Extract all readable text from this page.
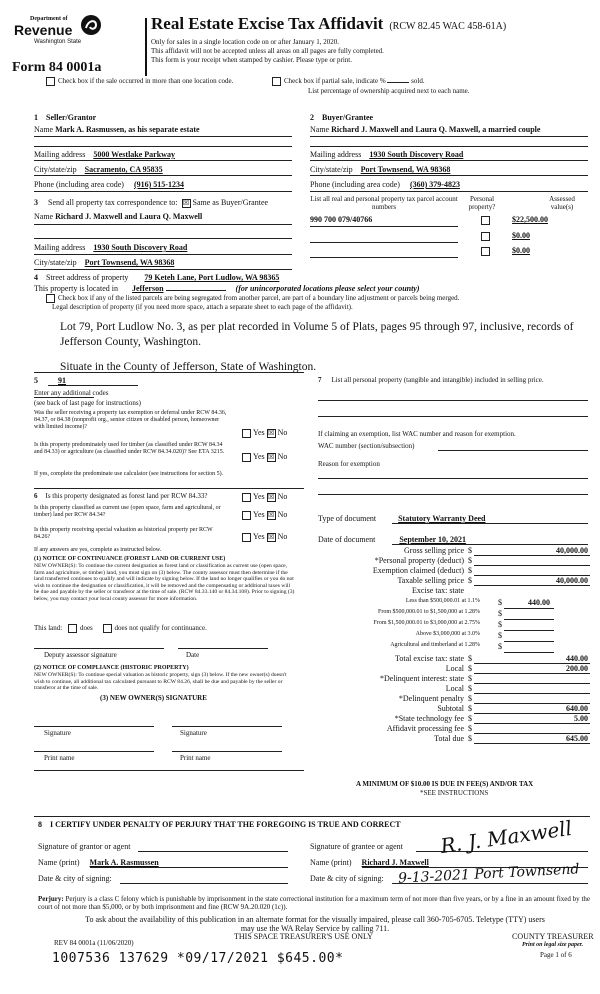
Department of
Revenue
Washington State
Form 84 0001a
Real Estate Excise Tax Affidavit (RCW 82.45 WAC 458-61A)
Only for sales in a single location code on or after January 1, 2020.
This affidavit will not be accepted unless all areas on all pages are fully completed.
This form is your receipt when stamped by cashier. Please type or print.
Check box if the sale occurred in more than one location code.	Check box if partial sale, indicate %	sold.
List percentage of ownership acquired next to each name.
1 Seller/Grantor
Name Mark A. Rasmussen, as his separate estate
2 Buyer/Grantee
Name Richard J. Maxwell and Laura Q. Maxwell, a married couple
Mailing address 5000 Westlake Parkway
City/state/zip Sacramento, CA 95835
Phone (including area code) (916) 515-1234
Mailing address 1930 South Discovery Road
City/state/zip Port Townsend, WA 98368
Phone (including area code) (360) 379-4823
3 Send all property tax correspondence to: ☒ Same as Buyer/Grantee
Name Richard J. Maxwell and Laura Q. Maxwell
Mailing address 1930 South Discovery Road
City/state/zip Port Townsend, WA 98368
List all real and personal property tax parcel account numbers
Personal property?
Assessed value(s)
990 700 079/40766	$22,500.00
$0.00
$0.00
4 Street address of property 79 Keteh Lane, Port Ludlow, WA 98365
This property is located in Jefferson	(for unincorporated locations please select your county)
Check box if any of the listed parcels are being segregated from another parcel, are part of a boundary line adjustment or parcels being merged.
Legal description of property (if you need more space, attach a separate sheet to each page of the affidavit).
Lot 79, Port Ludlow No. 3, as per plat recorded in Volume 5 of Plats, pages 95 through 97, inclusive, records of Jefferson County, Washington.
Situate in the County of Jefferson, State of Washington.
5	91
Enter any additional codes
(see back of last page for instructions)
Was the seller receiving a property tax exemption or deferral under RCW 84.36, 84.37, or 84.38 (nonprofit org., senior citizen or disabled person, homeowner with limited income)?
Yes ☒ No
Is this property predominately used for timber (as classified under RCW 84.34 and 84.33) or agriculture (as classified under RCW 84.34.020)? See ETA 3215.	Yes ☒ No
If yes, complete the predominate use calculator (see instructions for section 5).
6 Is this property designated as forest land per RCW 84.33?	Yes ☒ No
Is this property classified as current use (open space, farm and agricultural, or timber) land per RCW 84.34?	Yes ☒ No
Is this property receiving special valuation as historical property per RCW 84.26?	Yes ☒ No
If any answers are yes, complete as instructed below.
(1) NOTICE OF CONTINUANCE (FOREST LAND OR CURRENT USE)
NEW OWNER(S): To continue the current designation as forest land or classification as current use (open space, farm and agriculture, or timber) land, you must sign on (3) below. The county assessor must then determine if the land transferred continues to qualify and will indicate by signing below. If the land no longer qualifies or you do not wish to continue the designation or classification, it will be removed and the compensating or additional taxes will be due and payable by the seller or transferor at the time of sale. (RCW 84.33.140 or 84.34.108). Prior to signing (3) below, you may contact your local county assessor for more information.
This land:	does	does not qualify for continuance.
Deputy assessor signature	Date
(2) NOTICE OF COMPLIANCE (HISTORIC PROPERTY)
NEW OWNER(S): To continue special valuation as historic property, sign (3) below. If the new owner(s) doesn't wish to continue, all additional tax calculated pursuant to RCW 84.26, shall be due and payable by the seller or transferor at the time of sale.
(3) NEW OWNER(S) SIGNATURE
Signature	Signature
Print name	Print name
7 List all personal property (tangible and intangible) included in selling price.
If claiming an exemption, list WAC number and reason for exemption.
WAC number (section/subsection)
Reason for exemption
Type of document	Statutory Warranty Deed
Date of document	September 10, 2021
Gross selling price $	40,000.00
*Personal property (deduct) $
Exemption claimed (deduct) $
Taxable selling price $	40,000.00
Excise tax: state
Less than $500,000.01 at 1.1% $	440.00
From $500,000.01 to $1,500,000 at 1.28% $
From $1,500,000.01 to $3,000,000 at 2.75% $
Above $3,000,000 at 3.0% $
Agricultural and timberland at 1.28% $
Total excise tax: state $	440.00
Local $	200.00
*Delinquent interest: state $
Local $
*Delinquent penalty $
Subtotal $	640.00
*State technology fee $	5.00
Affidavit processing fee $
Total due $	645.00
A MINIMUM OF $10.00 IS DUE IN FEE(S) AND/OR TAX
*SEE INSTRUCTIONS
8 I CERTIFY UNDER PENALTY OF PERJURY THAT THE FOREGOING IS TRUE AND CORRECT
Signature of grantor or agent
Name (print) Mark A. Rasmussen
Date & city of signing:
Signature of grantee or agent R. J. Maxwell
Name (print) Richard J. Maxwell
Date & city of signing: 9-13-2021 Port Townsend
Perjury: Perjury is a class C felony which is punishable by imprisonment in the state correctional institution for a maximum term of not more than five years, or by a fine in an amount fixed by the court of not more than $5,000, or by both imprisonment and fine (RCW 9A.20.020 (1c)).
To ask about the availability of this publication in an alternate format for the visually impaired, please call 360-705-6705. Teletype (TTY) users may use the WA Relay Service by calling 711.
REV 84 0001a (11/06/2020)
THIS SPACE TREASURER'S USE ONLY	COUNTY TREASURER
Print on legal size paper.
Page 1 of 6
1007536 137629 *09/17/2021 $645.00*
